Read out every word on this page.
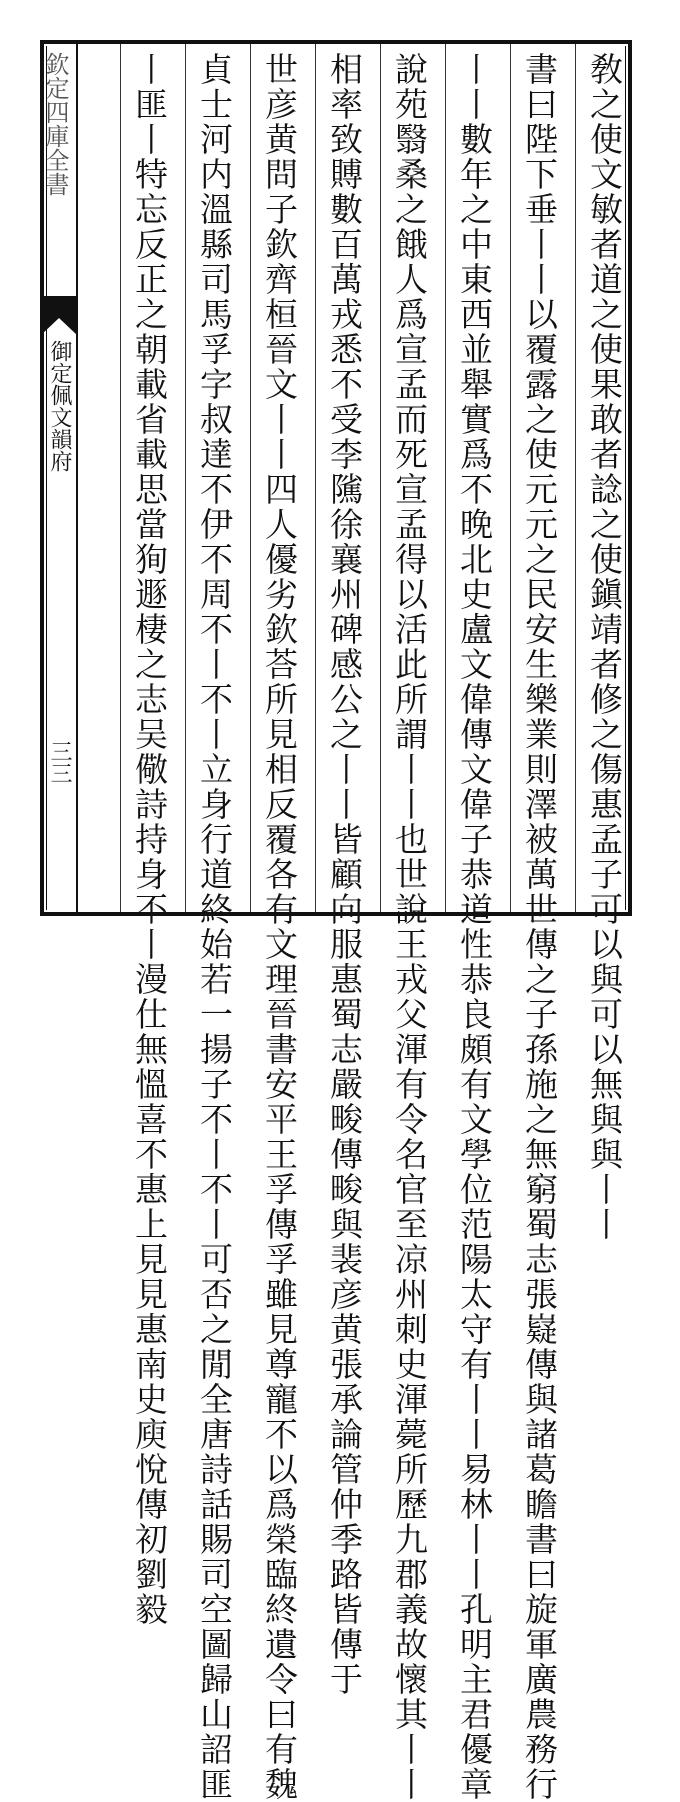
欽定四庫全書
御定佩文韻府
三三	敎之使文敏者道之使果敢者諗之使鎭靖者修之傷惠孟子可以與可以無與與丨丨
書曰陛下垂丨丨以覆露之使元元之民安生樂業則澤被萬世傳之子孫施之無窮蜀志張嶷傳與諸葛瞻書曰旋軍廣農務行
丨丨數年之中東西並舉實爲不晚北史盧文偉傳文偉子恭道性恭良頗有文學位范陽太守有丨丨易林丨丨孔明主君優章
說苑翳桑之餓人爲宣孟而死宣孟得以活此所謂丨丨也世說王戎父渾有令名官至凉州刺史渾薨所歷九郡義故懷其丨丨
相率致賻數百萬戎悉不受李隲徐襄州碑感公之丨丨皆顧向服惠蜀志嚴畯傳畯與裴彦黄張承論管仲季路皆傳于
世彦黄問子欽齊桓晉文丨丨四人優劣欽荅所見相反覆各有文理晉書安平王孚傳孚雖見尊寵不以爲榮臨終遺令曰有魏
貞士河内溫縣司馬孚字叔達不伊不周不丨不丨立身行道終始若一揚子不丨不丨可否之閒全唐詩話賜司空圖歸山詔匪
丨匪丨特忘反正之朝載省載思當狥遯棲之志吴儆詩持身不丨漫仕無慍喜不惠上見見惠南史庾悅傳初劉毅
